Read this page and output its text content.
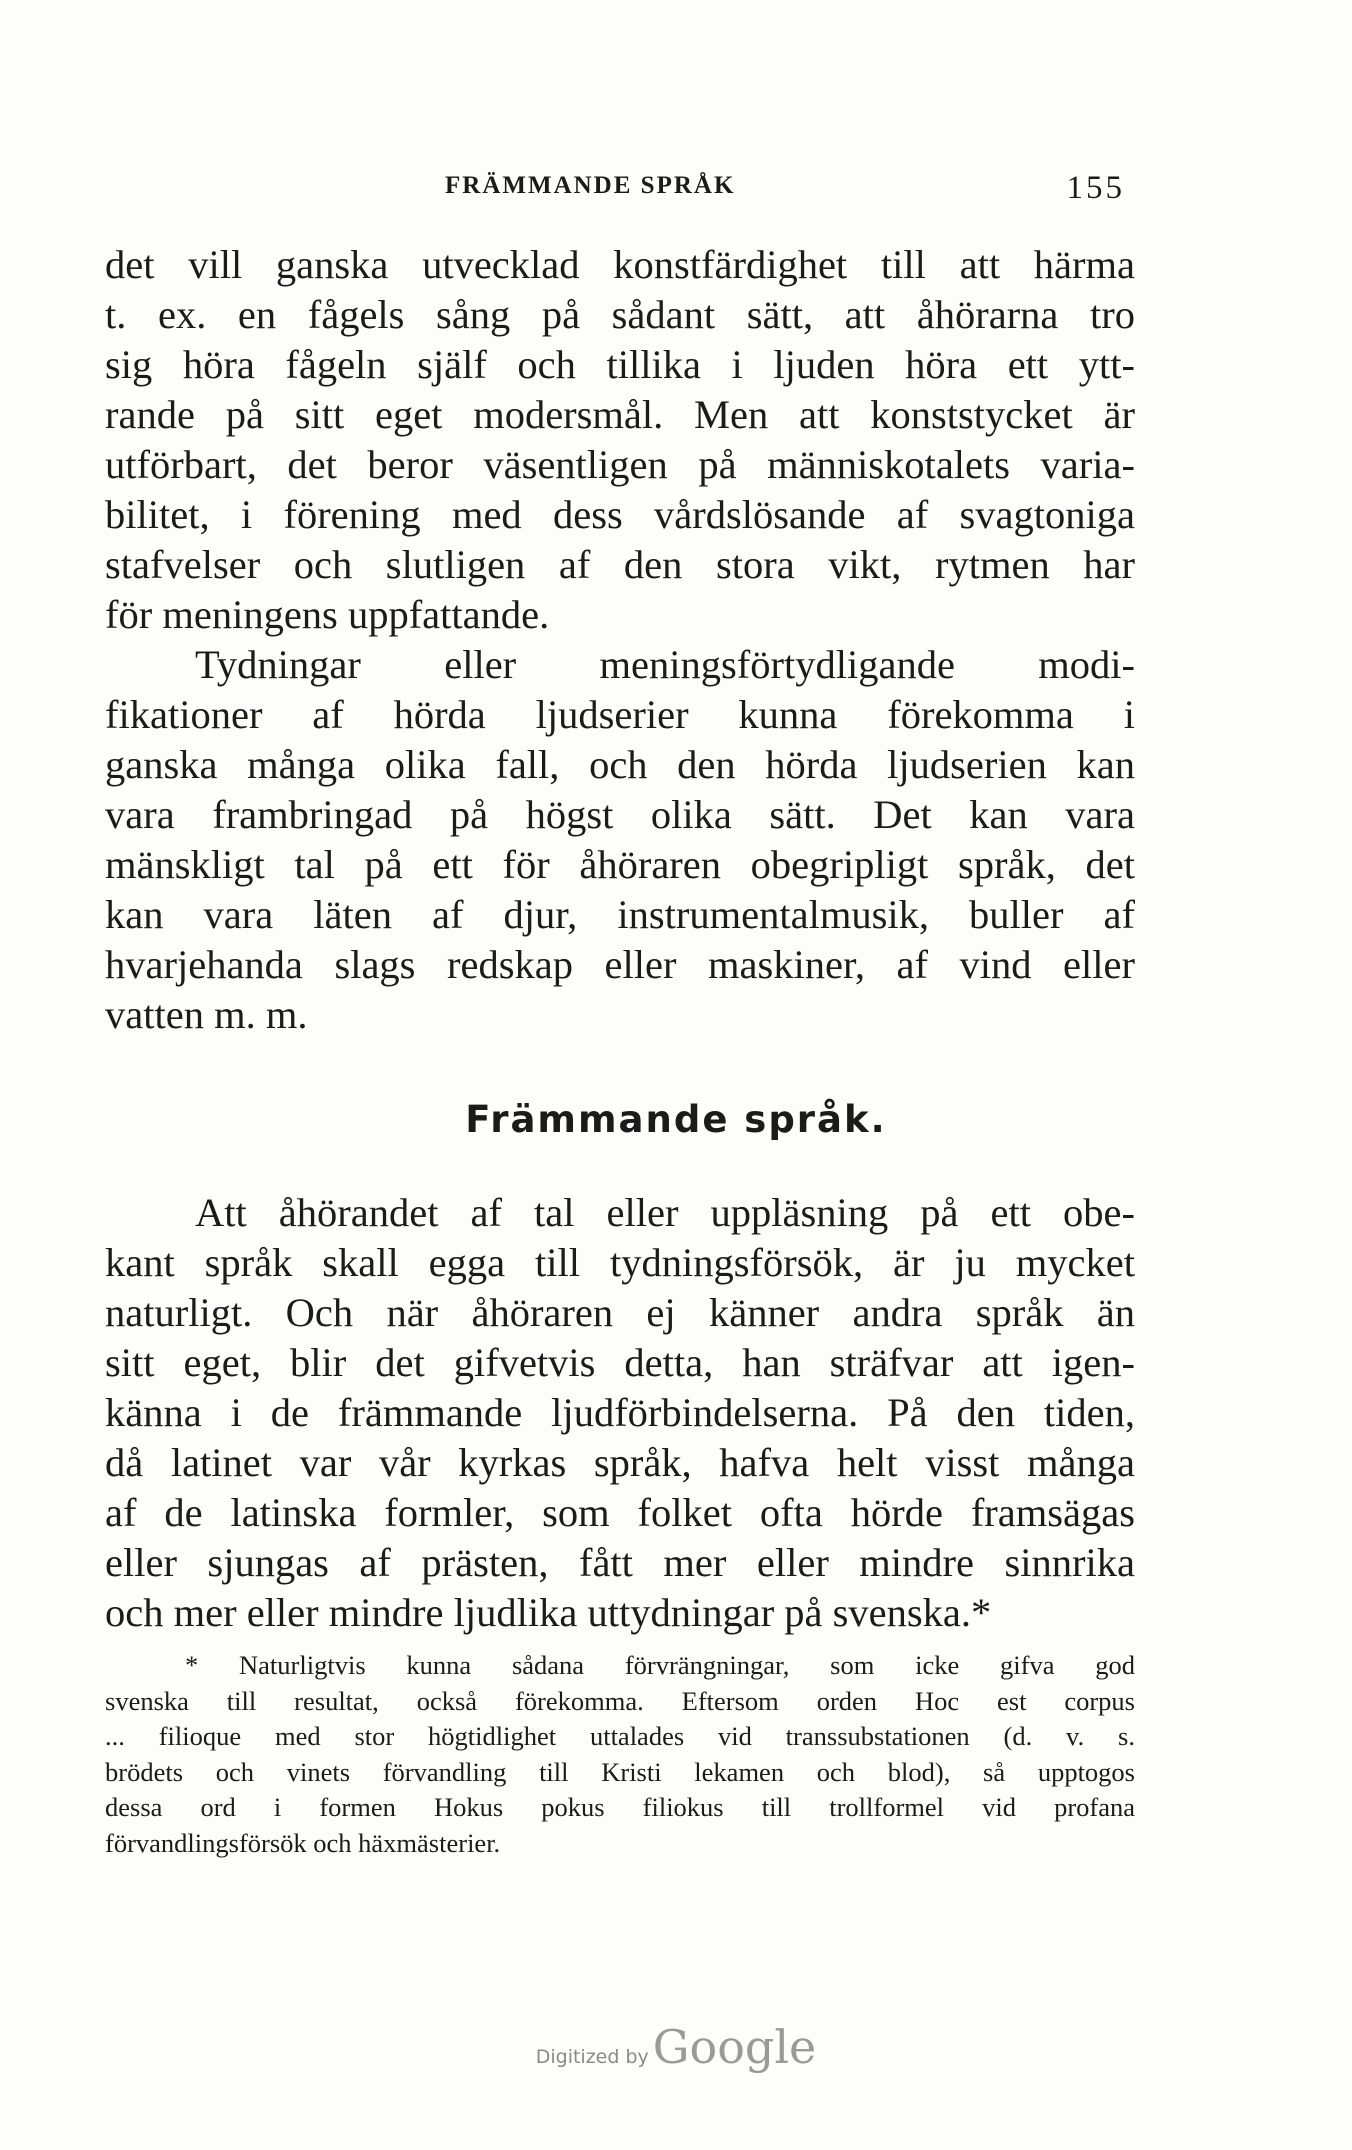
FRÄMMANDE SPRÅK	155
det vill ganska utvecklad konstfärdighet till att härma
t. ex. en fågels sång på sådant sätt, att åhörarna tro
sig höra fågeln själf och tillika i ljuden höra ett ytt-
rande på sitt eget modersmål. Men att konststycket är
utförbart, det beror väsentligen på människotalets varia-
bilitet, i förening med dess vårdslösande af svagtoniga
stafvelser och slutligen af den stora vikt, rytmen har
för meningens uppfattande.
Tydningar eller meningsförtydligande modi-
fikationer af hörda ljudserier kunna förekomma i
ganska många olika fall, och den hörda ljudserien kan
vara frambringad på högst olika sätt. Det kan vara
mänskligt tal på ett för åhöraren obegripligt språk, det
kan vara läten af djur, instrumentalmusik, buller af
hvarjehanda slags redskap eller maskiner, af vind eller
vatten m. m.
Främmande språk.
Att åhörandet af tal eller uppläsning på ett obe-
kant språk skall egga till tydningsförsök, är ju mycket
naturligt. Och när åhöraren ej känner andra språk än
sitt eget, blir det gifvetvis detta, han sträfvar att igen-
känna i de främmande ljudförbindelserna. På den tiden,
då latinet var vår kyrkas språk, hafva helt visst många
af de latinska formler, som folket ofta hörde framsägas
eller sjungas af prästen, fått mer eller mindre sinnrika
och mer eller mindre ljudlika uttydningar på svenska.*
* Naturligtvis kunna sådana förvrängningar, som icke gifva god
svenska till resultat, också förekomma. Eftersom orden Hoc est corpus
... filioque med stor högtidlighet uttalades vid transsubstationen (d. v. s.
brödets och vinets förvandling till Kristi lekamen och blod), så upptogos
dessa ord i formen Hokus pokus filiokus till trollformel vid profana
förvandlingsförsök och häxmästerier.
Digitized by Google
